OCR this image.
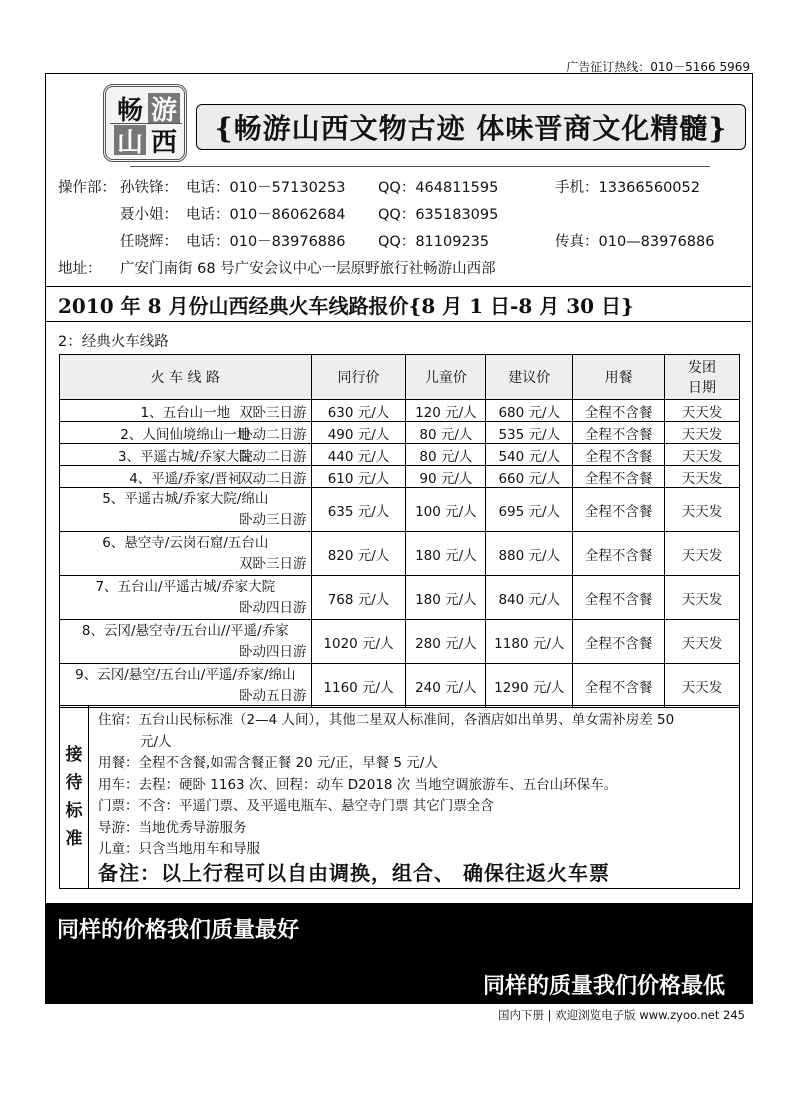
广告征订热线：010－5166 5969
畅 游
山 西	{畅游山西文物古迹 体味晋商文化精髓}
操作部： 孙铁锋： 电话：010－57130253 QQ：464811595	手机：13366560052
聂小姐： 电话：010－86062684 QQ：635183095
任晓辉： 电话：010－83976886 QQ：81109235	传真：010—83976886
地址： 广安门南街 68 号广安会议中心一层原野旅行社畅游山西部
2010 年 8 月份山西经典火车线路报价{8 月 1 日-8 月 30 日}
2：经典火车线路
火 车 线 路	同行价	儿童价	建议价	用餐	发团
日期

1、五台山一地 双卧三日游	630 元/人	120 元/人	680 元/人	全程不含餐	天天发
2、人间仙境绵山一地
卧动二日游	490 元/人	80 元/人	535 元/人	全程不含餐	天天发
3、平遥古城/乔家大院
卧动二日游	440 元/人	80 元/人	540 元/人	全程不含餐	天天发
4、平遥/乔家/晋祠
双动二日游	610 元/人	90 元/人	660 元/人	全程不含餐	天天发

5、平遥古城/乔家大院/绵山
卧动三日游	635 元/人	100 元/人	695 元/人	全程不含餐	天天发

6、悬空寺/云岗石窟/五台山
双卧三日游	820 元/人	180 元/人	880 元/人	全程不含餐	天天发

7、五台山/平遥古城/乔家大院
卧动四日游	768 元/人	180 元/人	840 元/人	全程不含餐	天天发

8、云冈/悬空寺/五台山//平遥/乔家
卧动四日游	1020 元/人	280 元/人	1180 元/人	全程不含餐	天天发

9、云冈/悬空/五台山/平遥/乔家/绵山
卧动五日游	1160 元/人	240 元/人	1290 元/人	全程不含餐	天天发
接
待
标
准
住宿：五台山民标标准（2—4 人间），其他二星双人标准间，各酒店如出单男、单女需补房差 50
元/人
用餐：全程不含餐,如需含餐正餐 20 元/正，早餐 5 元/人
用车：去程：硬卧 1163 次、回程：动车 D2018 次 当地空调旅游车、五台山环保车。
门票：不含：平遥门票、及平遥电瓶车、悬空寺门票 其它门票全含
导游：当地优秀导游服务
儿童：只含当地用车和导服
备注：以上行程可以自由调换，组合、 确保往返火车票
同样的价格我们质量最好
同样的质量我们价格最低
国内下册 | 欢迎浏览电子版 www.zyoo.net 245
